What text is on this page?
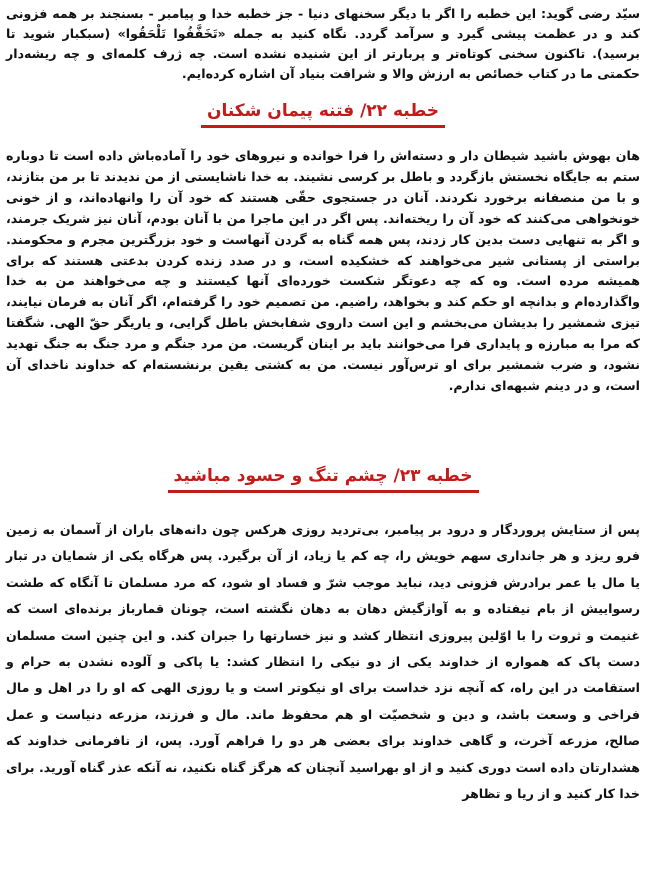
سیّد رضی گوید: این خطبه را اگر با دیگر سخنهای دنیا - جز خطبه خدا و پیامبر - بسنجند بر همه فزونی کند و در عظمت پیشی گیرد و سرآمد گردد. نگاه کنید به جمله «تَخَفَّفُوا تَلْحَقُوا» (سبکبار شوید تا برسید). تاکنون سخنی کوتاه‌تر و پربارتر از این شنیده نشده است. چه ژرف کلمه‌ای و چه ریشه‌دار حکمتی ما در کتاب خصائص به ارزش والا و شرافت بنیاد آن اشاره کرده‌ایم.

خطبه ۲۲/ فتنه پیمان شکنان

هان بهوش باشید شیطان دار و دسته‌اش را فرا خوانده و نیروهای خود را آماده‌باش داده است تا دوباره ستم به جایگاه نخستش بازگردد و باطل بر کرسی نشیند. به خدا ناشایستی از من ندیدند تا بر من بتازند، و با من منصفانه برخورد نکردند. آنان در جستجوی حقّی هستند که خود آن را وانهاده‌اند، و از خونی خونخواهی می‌کنند که خود آن را ریخته‌اند. پس اگر در این ماجرا من با آنان بودم، آنان نیز شریک جرمند، و اگر به تنهایی دست بدین کار زدند، پس همه گناه به گردن آنهاست و خود بزرگترین مجرم و محکومند. براستی از پستانی شیر می‌خواهند که خشکیده است، و در صدد زنده کردن بدعتی هستند که برای همیشه مرده است. وه که چه دعوتگر شکست خورده‌ای آنها کیستند و چه می‌خواهند من به خدا واگذارده‌ام و بدانچه او حکم کند و بخواهد، راضیم. من تصمیم خود را گرفته‌ام، اگر آنان به فرمان نیایند، تیزی شمشیر را بدیشان می‌بخشم و این است داروی شفابخش باطل گرایی، و یاریگر حقّ الهی. شگفتا که مرا به مبارزه و پایداری فرا می‌خوانند باید بر اینان گریست. من مرد جنگم و مرد جنگ به جنگ تهدید نشود، و ضرب شمشیر برای او ترس‌آور نیست. من به کشتی یقین برنشسته‌ام که خداوند ناخدای آن است، و در دینم شبهه‌ای ندارم.

خطبه ۲۳/ چشم تنگ و حسود مباشید

پس از ستایش پروردگار و درود بر پیامبر، بی‌تردید روزی هرکس چون دانه‌های باران از آسمان به زمین فرو ریزد و هر جانداری سهم خویش را، چه کم یا زیاد، از آن برگیرد. پس هرگاه یکی از شمایان در تبار یا مال یا عمر برادرش فزونی دید، نباید موجب شرّ و فساد او شود، که مرد مسلمان تا آنگاه که طشت رسواییش از بام نیفتاده و به آوازگیش دهان به دهان نگشته است، چونان قمارباز برنده‌ای است که غنیمت و ثروت را با اوّلین پیروزی انتظار کشد و نیز خسارتها را جبران کند. و این چنین است مسلمان دست پاک که همواره از خداوند یکی از دو نیکی را انتظار کشد: یا پاکی و آلوده نشدن به حرام و استقامت در این راه، که آنچه نزد خداست برای او نیکوتر است و یا روزی الهی که او را در اهل و مال فراخی و وسعت باشد، و دین و شخصیّت او هم محفوظ ماند. مال و فرزند، مزرعه دنیاست و عمل صالح، مزرعه آخرت، و گاهی خداوند برای بعضی هر دو را فراهم آورد. پس، از نافرمانی خداوند که هشدارتان داده است دوری کنید و از او بهراسید آنچنان که هرگز گناه نکنید، نه آنکه عذر گناه آورید. برای خدا کار کنید و از ریا و تظاهر
